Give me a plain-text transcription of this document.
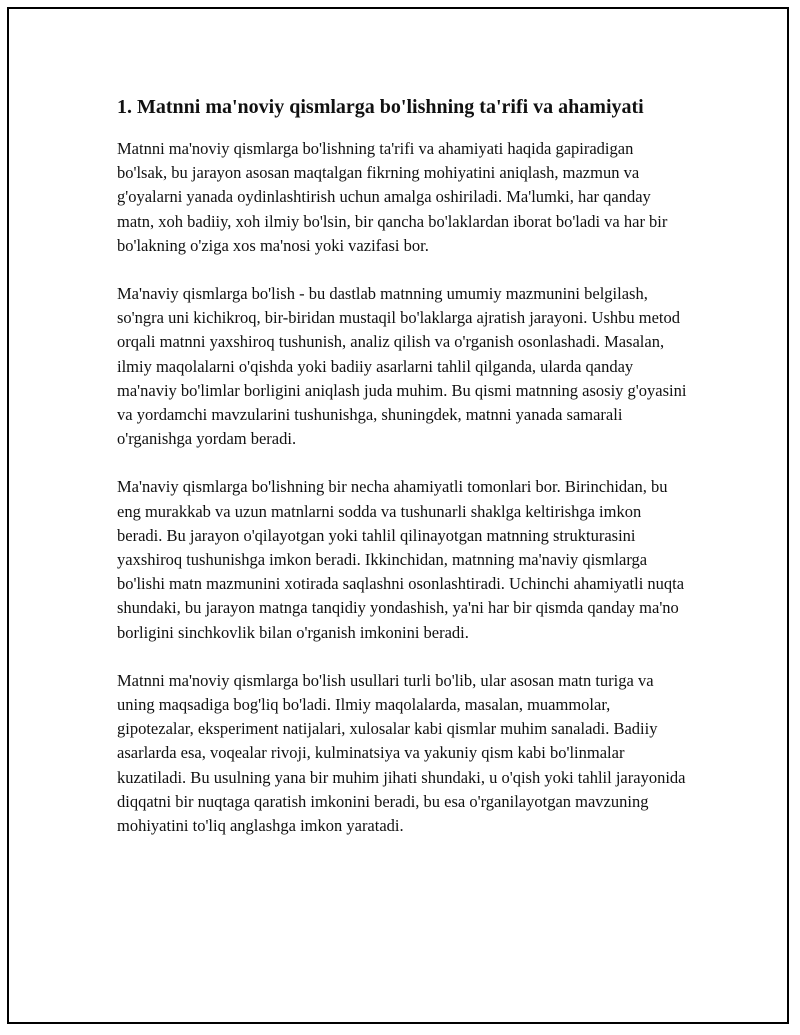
1. Matnni ma'noviy qismlarga bo'lishning ta'rifi va ahamiyati

Matnni ma'noviy qismlarga bo'lishning ta'rifi va ahamiyati haqida gapiradigan bo'lsak, bu jarayon asosan maqtalgan fikrning mohiyatini aniqlash, mazmun va g'oyalarni yanada oydinlashtirish uchun amalga oshiriladi. Ma'lumki, har qanday matn, xoh badiiy, xoh ilmiy bo'lsin, bir qancha bo'laklardan iborat bo'ladi va har bir bo'lakning o'ziga xos ma'nosi yoki vazifasi bor.

Ma'naviy qismlarga bo'lish - bu dastlab matnning umumiy mazmunini belgilash, so'ngra uni kichikroq, bir-biridan mustaqil bo'laklarga ajratish jarayoni. Ushbu metod orqali matnni yaxshiroq tushunish, analiz qilish va o'rganish osonlashadi. Masalan, ilmiy maqolalarni o'qishda yoki badiiy asarlarni tahlil qilganda, ularda qanday ma'naviy bo'limlar borligini aniqlash juda muhim. Bu qismi matnning asosiy g'oyasini va yordamchi mavzularini tushunishga, shuningdek, matnni yanada samarali o'rganishga yordam beradi.

Ma'naviy qismlarga bo'lishning bir necha ahamiyatli tomonlari bor. Birinchidan, bu eng murakkab va uzun matnlarni sodda va tushunarli shaklga keltirishga imkon beradi. Bu jarayon o'qilayotgan yoki tahlil qilinayotgan matnning strukturasini yaxshiroq tushunishga imkon beradi. Ikkinchidan, matnning ma'naviy qismlarga bo'lishi matn mazmunini xotirada saqlashni osonlashtiradi. Uchinchi ahamiyatli nuqta shundaki, bu jarayon matnga tanqidiy yondashish, ya'ni har bir qismda qanday ma'no borligini sinchkovlik bilan o'rganish imkonini beradi.

Matnni ma'noviy qismlarga bo'lish usullari turli bo'lib, ular asosan matn turiga va uning maqsadiga bog'liq bo'ladi. Ilmiy maqolalarda, masalan, muammolar, gipotezalar, eksperiment natijalari, xulosalar kabi qismlar muhim sanaladi. Badiiy asarlarda esa, voqealar rivoji, kulminatsiya va yakuniy qism kabi bo'linmalar kuzatiladi. Bu usulning yana bir muhim jihati shundaki, u o'qish yoki tahlil jarayonida diqqatni bir nuqtaga qaratish imkonini beradi, bu esa o'rganilayotgan mavzuning mohiyatini to'liq anglashga imkon yaratadi.
